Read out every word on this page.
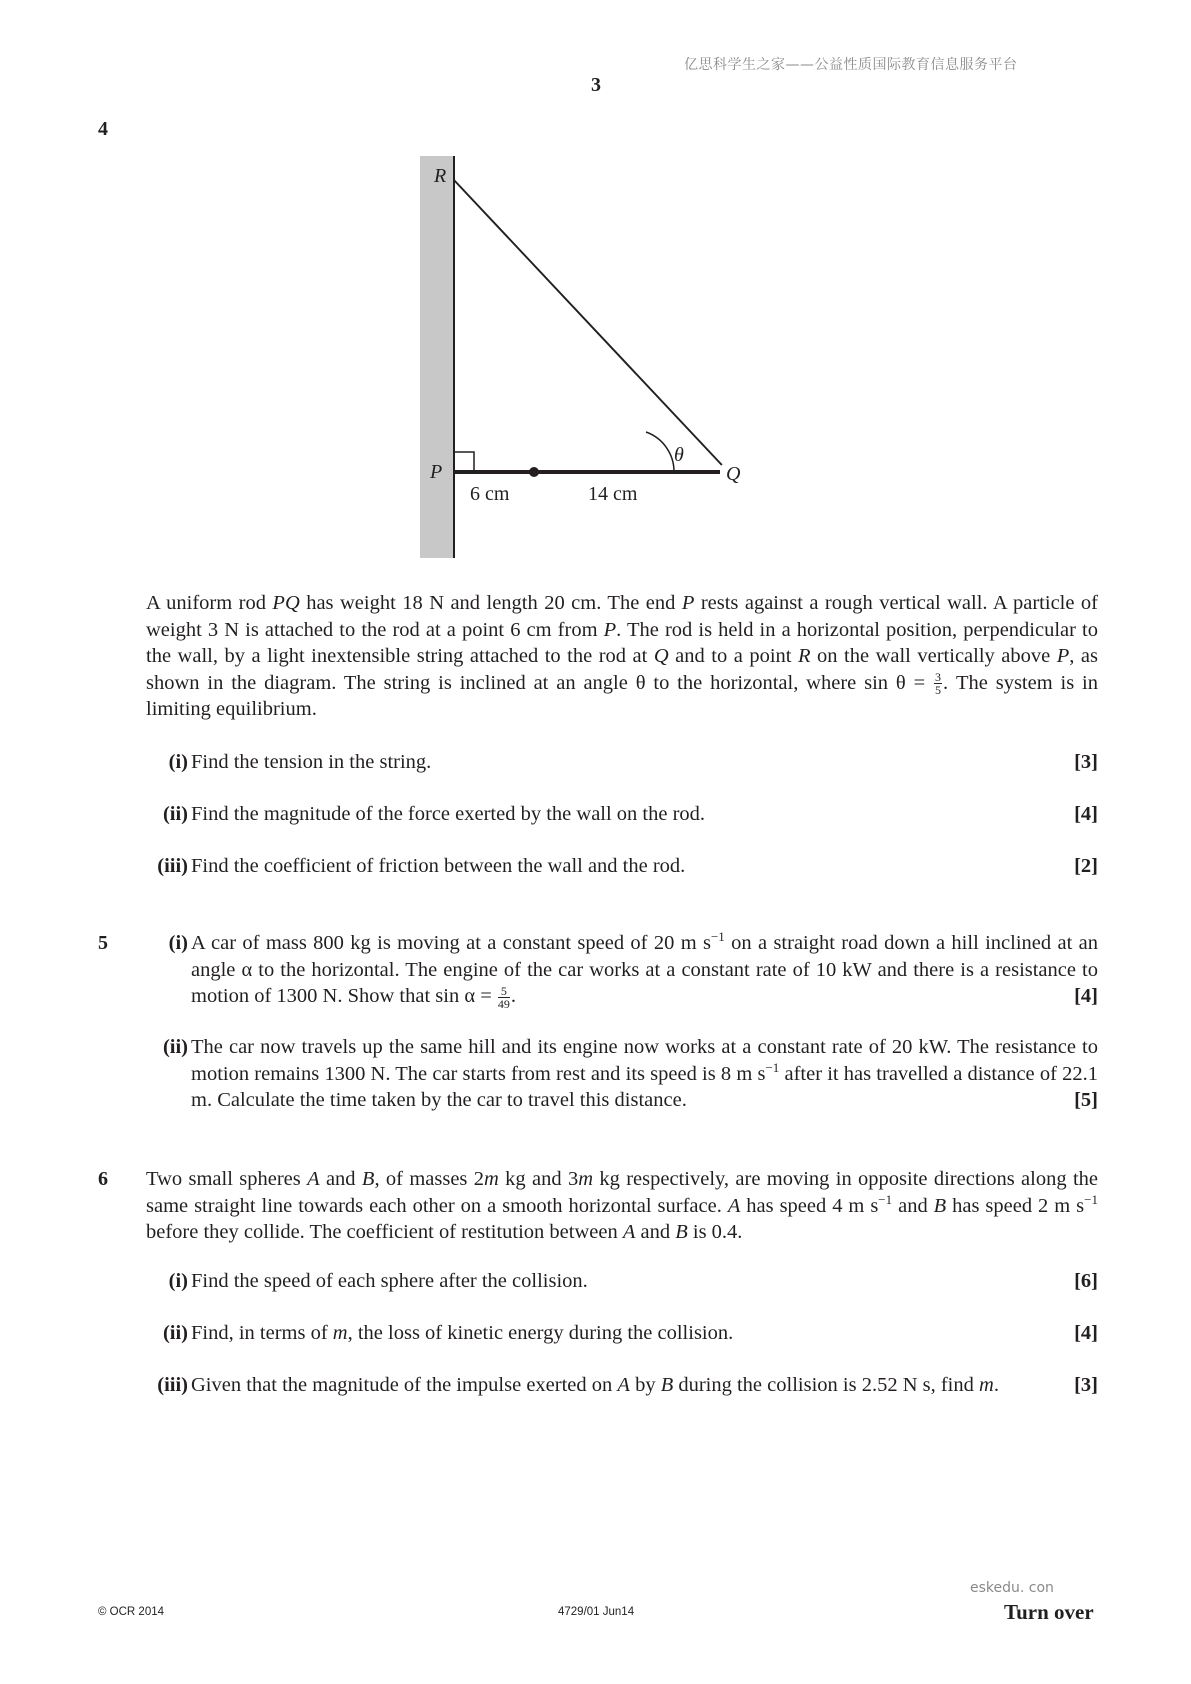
亿思科学生之家——公益性质国际教育信息服务平台
3
4
R
P	Q
θ
6 cm	14 cm
A uniform rod PQ has weight 18 N and length 20 cm. The end P rests against a rough vertical wall. A particle of weight 3 N is attached to the rod at a point 6 cm from P. The rod is held in a horizontal position, perpendicular to the wall, by a light inextensible string attached to the rod at Q and to a point R on the wall vertically above P, as shown in the diagram. The string is inclined at an angle θ to the horizontal, where $\sin \theta = \frac{3}{5}$ . The system is in limiting equilibrium.
(i) Find the tension in the string.	[3]
(ii) Find the magnitude of the force exerted by the wall on the rod.	[4]
(iii) Find the coefficient of friction between the wall and the rod.	[2]
5	(i) A car of mass 800 kg is moving at a constant speed of 20 m $s^{-1}$ on a straight road down a hill inclined at an angle α to the horizontal. The engine of the car works at a constant rate of 10 kW and there is a resistance to motion of 1300 N. Show that $\sin \alpha = \frac{5}{49}$ .	[4]
(ii) The car now travels up the same hill and its engine now works at a constant rate of 20 kW. The resistance to motion remains 1300 N. The car starts from rest and its speed is 8 m $s^{-1}$ after it has travelled a distance of 22.1 m. Calculate the time taken by the car to travel this distance.	[5]
6 Two small spheres A and B, of masses 2m kg and 3m kg respectively, are moving in opposite directions along the same straight line towards each other on a smooth horizontal surface. A has speed 4 m $s^{-1}$ and B has speed 2 m $s^{-1}$ before they collide. The coefficient of restitution between A and B is 0.4.
(i) Find the speed of each sphere after the collision.	[6]
(ii) Find, in terms of m, the loss of kinetic energy during the collision.	[4]
(iii) Given that the magnitude of the impulse exerted on A by B during the collision is 2.52 N s, find m.	[3]
eskedu. con
© OCR 2014	4729/01 Jun14	Turn over
